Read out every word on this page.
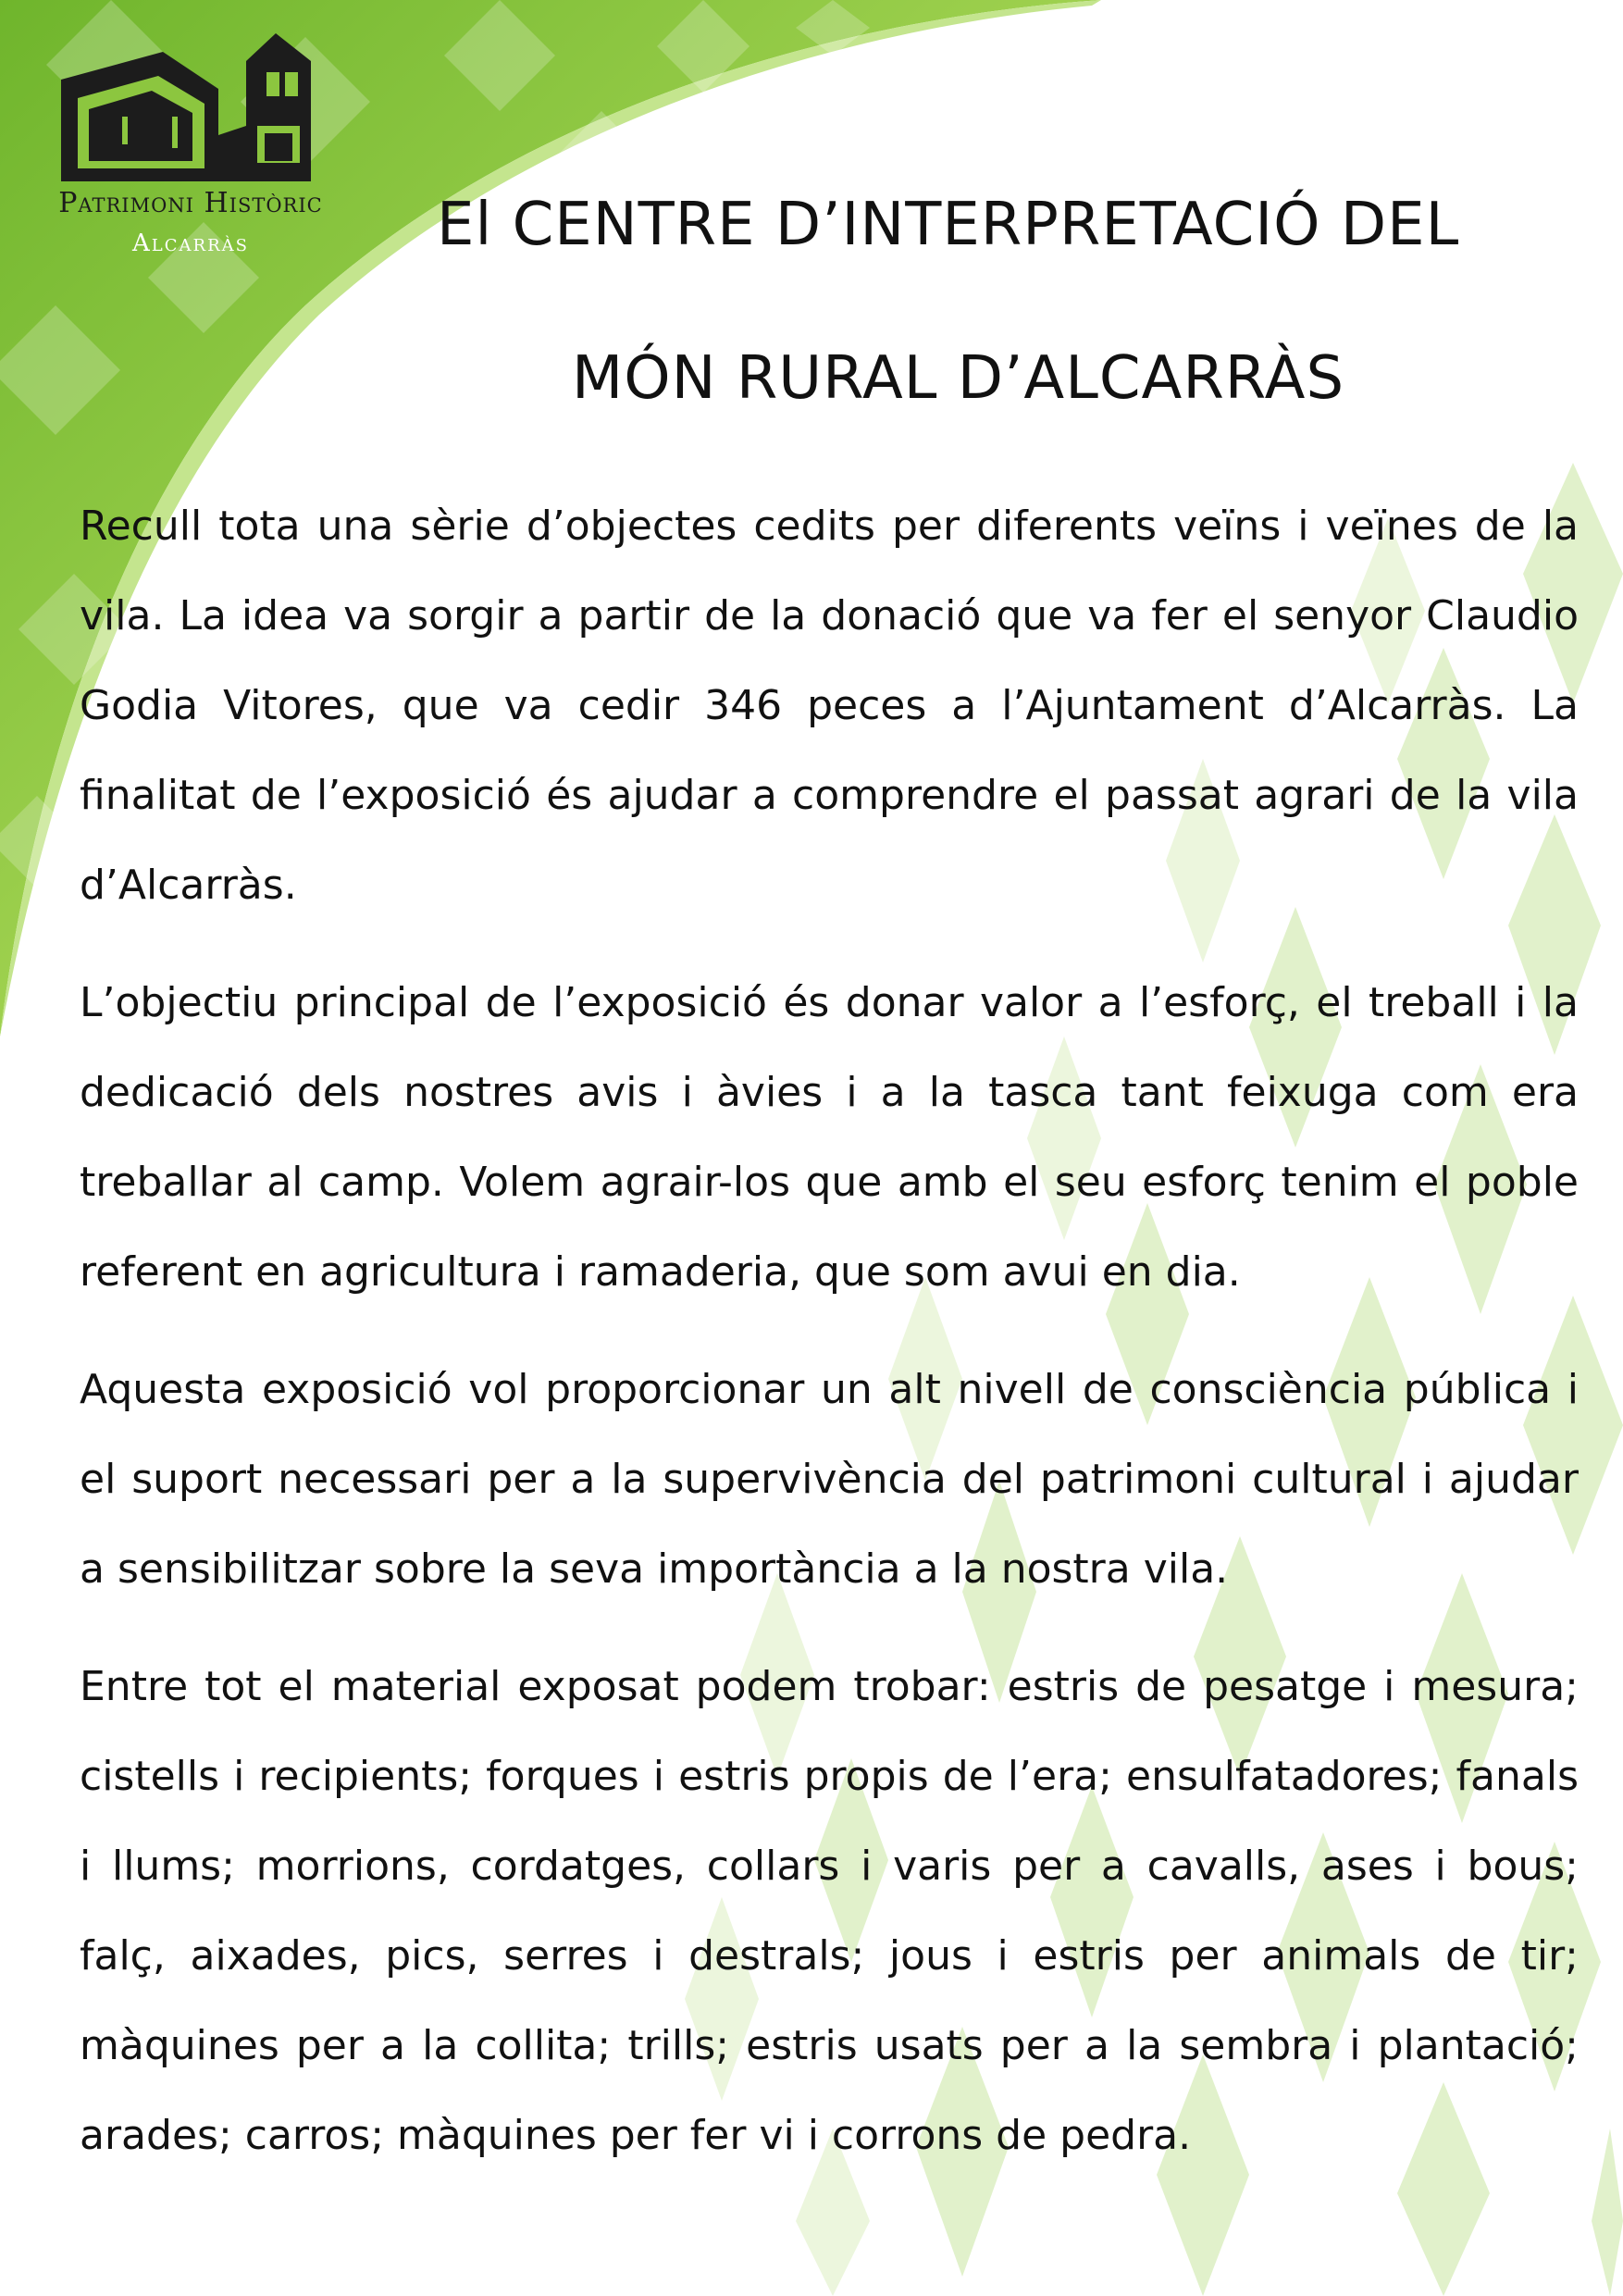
Patrimoni Històric
Alcarràs	El CENTRE D’INTERPRETACIÓ DEL
MÓN RURAL D’ALCARRÀS

Recull tota una sèrie d’objectes cedits per diferents veïns i veïnes de la vila. La idea va sorgir a partir de la donació que va fer el senyor Claudio Godia Vitores, que va cedir 346 peces a l’Ajuntament d’Alcarràs. La finalitat de l’exposició és ajudar a comprendre el passat agrari de la vila d’Alcarràs.

L’objectiu principal de l’exposició és donar valor a l’esforç, el treball i la dedicació dels nostres avis i àvies i a la tasca tant feixuga com era treballar al camp. Volem agrair-los que amb el seu esforç tenim el poble referent en agricultura i ramaderia, que som avui en dia.

Aquesta exposició vol proporcionar un alt nivell de consciència pública i el suport necessari per a la supervivència del patrimoni cultural i ajudar a sensibilitzar sobre la seva importància a la nostra vila.

Entre tot el material exposat podem trobar: estris de pesatge i mesura; cistells i recipients; forques i estris propis de l’era; ensulfatadores; fanals i llums; morrions, cordatges, collars i varis per a cavalls, ases i bous; falç, aixades, pics, serres i destrals; jous i estris per animals de tir; màquines per a la collita; trills; estris usats per a la sembra i plantació; arades; carros; màquines per fer vi i corrons de pedra.
